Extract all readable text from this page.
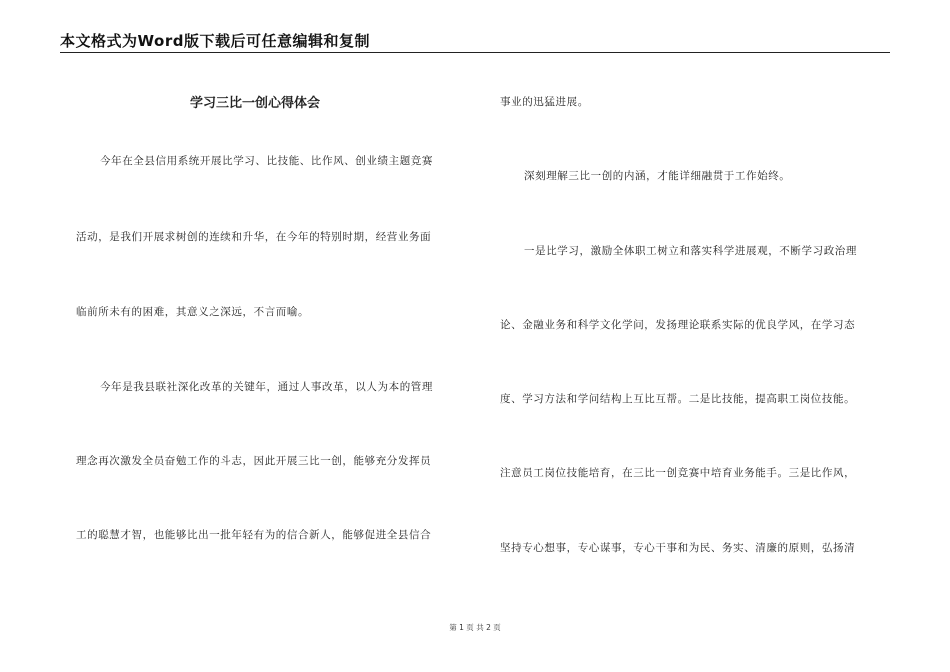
本文格式为Word版下载后可任意编辑和复制
学习三比一创心得体会
今年在全县信用系统开展比学习、比技能、比作风、创业绩主题竞赛
活动，是我们开展求树创的连续和升华，在今年的特别时期，经营业务面
临前所未有的困难，其意义之深远，不言而喻。
今年是我县联社深化改革的关键年，通过人事改革，以人为本的管理
理念再次激发全员奋勉工作的斗志，因此开展三比一创，能够充分发挥员
工的聪慧才智，也能够比出一批年轻有为的信合新人，能够促进全县信合
事业的迅猛进展。
深刻理解三比一创的内涵，才能详细融贯于工作始终。
一是比学习，激励全体职工树立和落实科学进展观，不断学习政治理
论、金融业务和科学文化学问，发扬理论联系实际的优良学风，在学习态
度、学习方法和学问结构上互比互帮。二是比技能，提高职工岗位技能。
注意员工岗位技能培育，在三比一创竞赛中培育业务能手。三是比作风，
坚持专心想事，专心谋事，专心干事和为民、务实、清廉的原则，弘扬清
第 1 页 共 2 页
